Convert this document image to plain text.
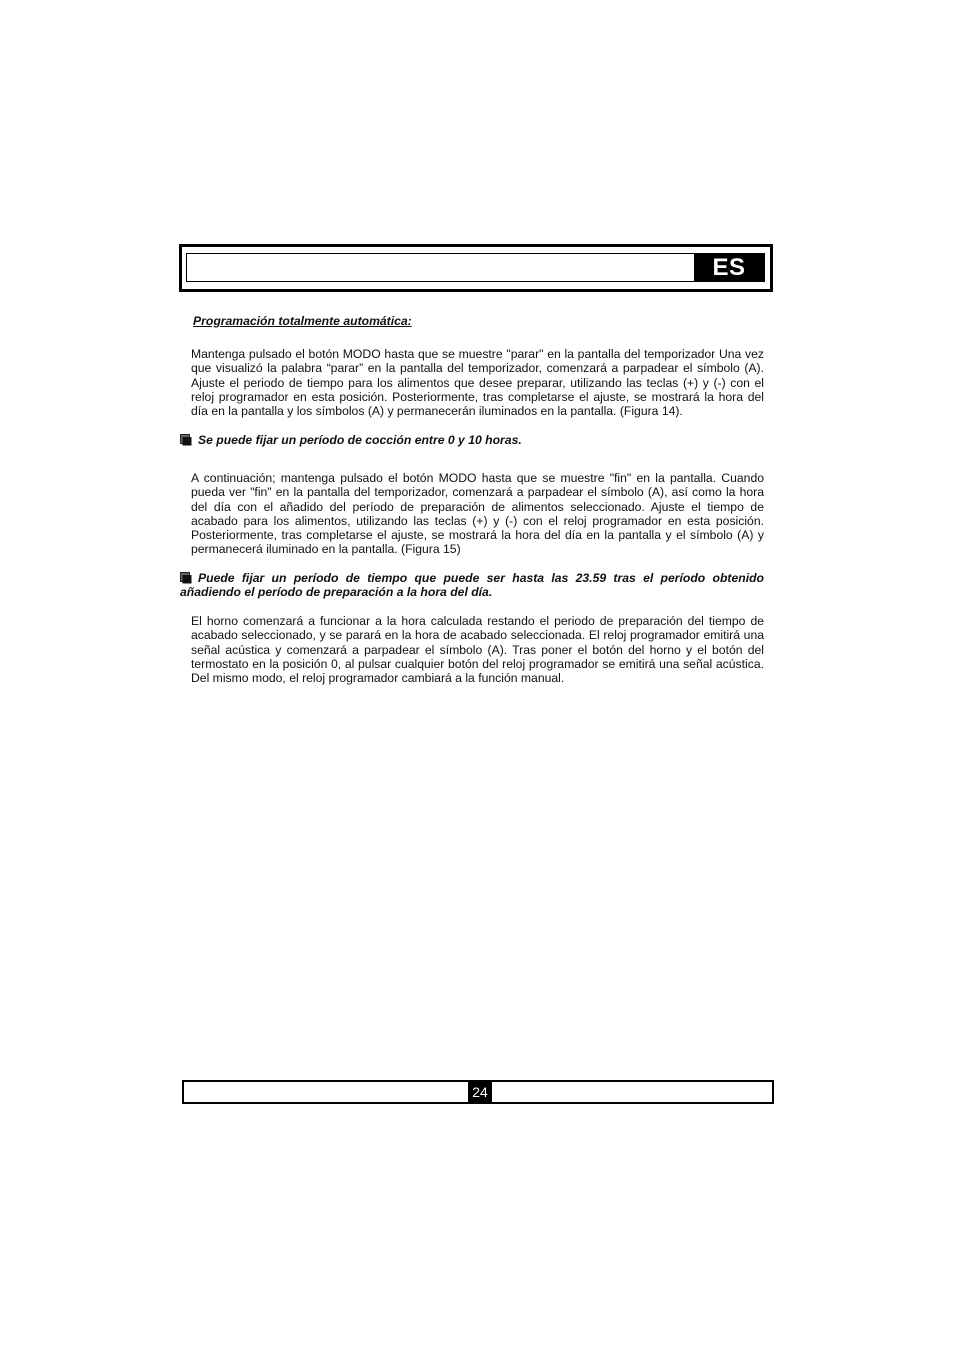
ES
Programación totalmente automática:

Mantenga pulsado el botón MODO hasta que se muestre "parar" en la pantalla del temporizador Una vez que visualizó la palabra “parar” en la pantalla del temporizador, comenzará a parpadear el símbolo (A). Ajuste el periodo de tiempo para los alimentos que desee preparar, utilizando las teclas (+) y (-) con el reloj programador en esta posición. Posteriormente, tras completarse el ajuste, se mostrará la hora del día en la pantalla y los símbolos (A) y permanecerán iluminados en la pantalla. (Figura 14).

Se puede fijar un período de cocción entre 0 y 10 horas.

A continuación; mantenga pulsado el botón MODO hasta que se muestre "fin" en la pantalla. Cuando pueda ver "fin" en la pantalla del temporizador, comenzará a parpadear el símbolo (A), así como la hora del día con el añadido del período de preparación de alimentos seleccionado. Ajuste el tiempo de acabado para los alimentos, utilizando las teclas (+) y (-) con el reloj programador en esta posición. Posteriormente, tras completarse el ajuste, se mostrará la hora del día en la pantalla y el símbolo (A) y permanecerá iluminado en la pantalla. (Figura 15)

Puede fijar un período de tiempo que puede ser hasta las 23.59 tras el período obtenido añadiendo el período de preparación a la hora del día.

El horno comenzará a funcionar a la hora calculada restando el periodo de preparación del tiempo de acabado seleccionado, y se parará en la hora de acabado seleccionada. El reloj programador emitirá una señal acústica y comenzará a parpadear el símbolo (A). Tras poner el botón del horno y el botón del termostato en la posición 0, al pulsar cualquier botón del reloj programador se emitirá una señal acústica. Del mismo modo, el reloj programador cambiará a la función manual.

24
